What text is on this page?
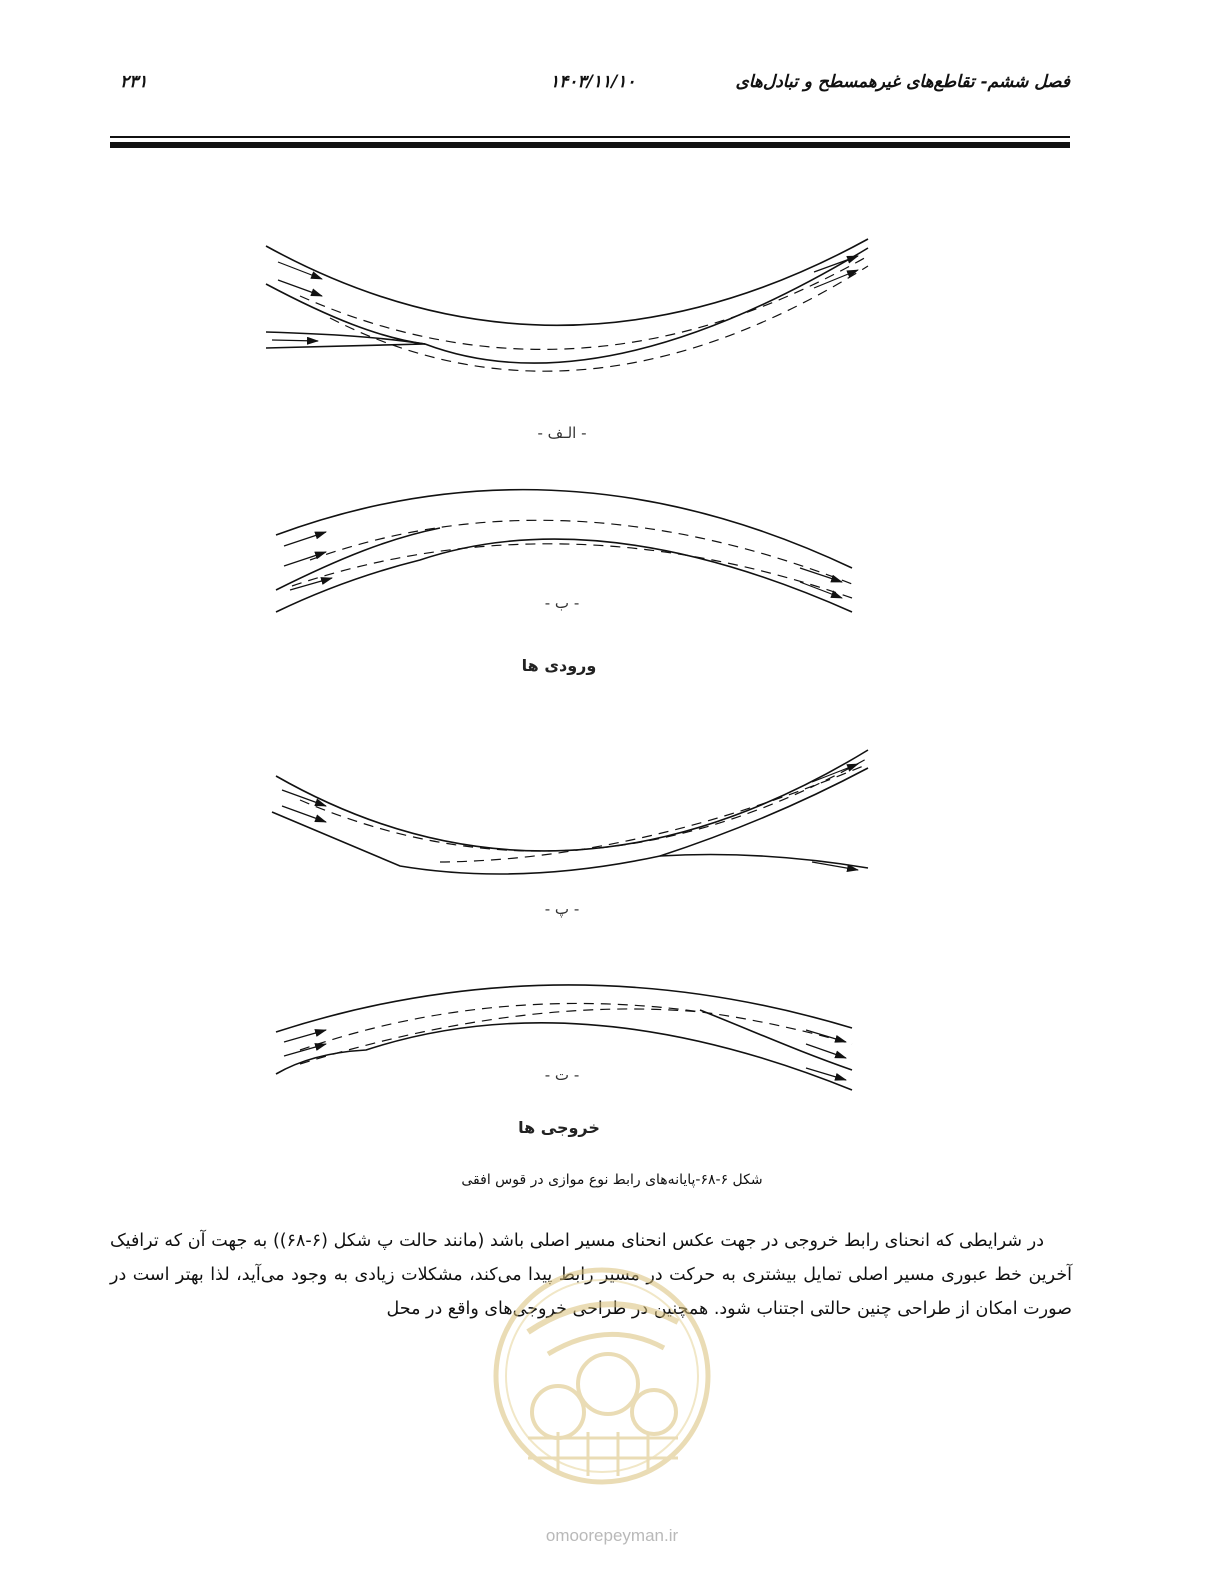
فصل ششم- تقاطع‌های غیرهمسطح و تبادل‌های
۱۴۰۳/۱۱/۱۰
۲۳۱
- الـف -
- ب -
ورودی ها
- پ -
- ت -
خروجی ها
شکل ۶-۶۸-پایانه‌های رابط نوع موازی در قوس افقی

در شرایطی که انحنای رابط خروجی در جهت عکس انحنای مسیر اصلی باشد (مانند حالت پ شکل (۶-۶۸)) به جهت آن که ترافیک آخرین خط عبوری مسیر اصلی تمایل بیشتری به حرکت در مسیر رابط پیدا می‌کند، مشکلات زیادی به وجود می‌آید، لذا بهتر است در صورت امکان از طراحی چنین حالتی اجتناب شود. همچنین در طراحی خروجی‌های واقع در محل

omoorepeyman.ir
